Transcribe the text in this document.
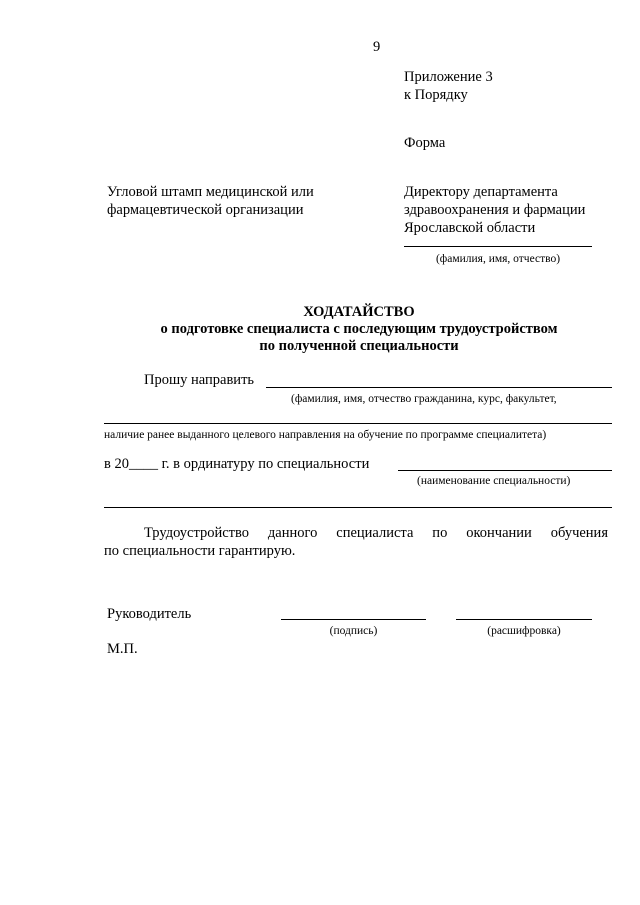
9
Приложение 3
к Порядку
Форма
Угловой штамп медицинской или
фармацевтической организации
Директору департамента
здравоохранения и фармации
Ярославской области
(фамилия, имя, отчество)
ХОДАТАЙСТВО
о подготовке специалиста с последующим трудоустройством
по полученной специальности
Прошу направить
(фамилия, имя, отчество гражданина, курс, факультет,
наличие ранее выданного целевого направления на обучение по программе специалитета)
в 20____ г. в ординатуру по специальности
(наименование специальности)
Трудоустройство данного специалиста по окончании обучения
по специальности гарантирую.
Руководитель
(подпись)	(расшифровка)
М.П.
